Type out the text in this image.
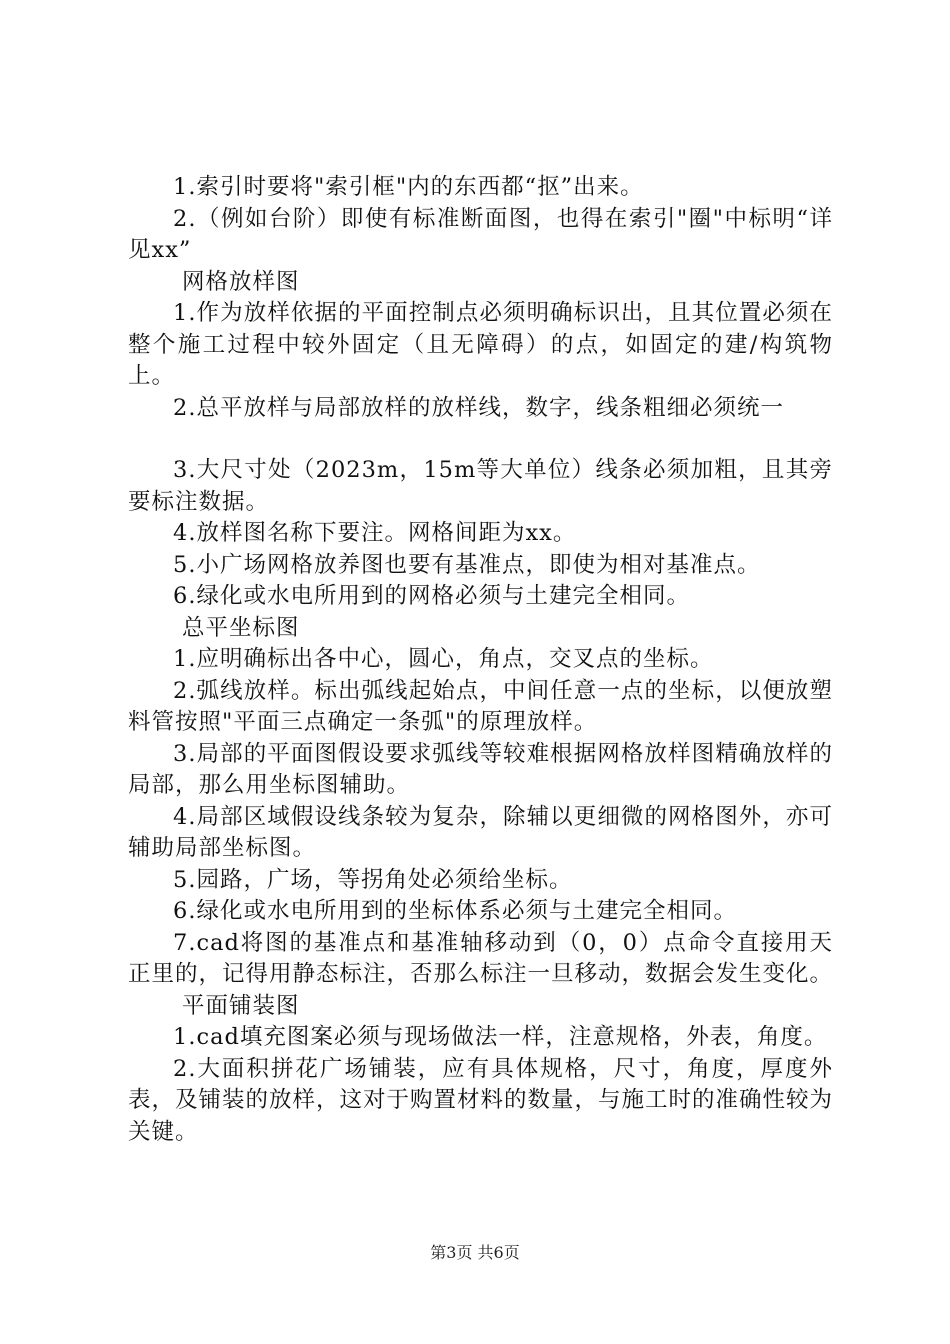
1.索引时要将"索引框"内的东西都“抠”出来。

2.（例如台阶）即使有标准断面图，也得在索引"圈"中标明“详见xx”

网格放样图

1.作为放样依据的平面控制点必须明确标识出，且其位置必须在整个施工过程中较外固定（且无障碍）的点，如固定的建/构筑物上。

2.总平放样与局部放样的放样线，数字，线条粗细必须统一

3.大尺寸处（2023m，15m等大单位）线条必须加粗，且其旁要标注数据。

4.放样图名称下要注。网格间距为xx。

5.小广场网格放养图也要有基准点，即使为相对基准点。

6.绿化或水电所用到的网格必须与土建完全相同。

总平坐标图

1.应明确标出各中心，圆心，角点，交叉点的坐标。

2.弧线放样。标出弧线起始点，中间任意一点的坐标，以便放塑料管按照"平面三点确定一条弧"的原理放样。

3.局部的平面图假设要求弧线等较难根据网格放样图精确放样的局部，那么用坐标图辅助。

4.局部区域假设线条较为复杂，除辅以更细微的网格图外，亦可辅助局部坐标图。

5.园路，广场，等拐角处必须给坐标。

6.绿化或水电所用到的坐标体系必须与土建完全相同。

7.cad将图的基准点和基准轴移动到（0，0）点命令直接用天正里的，记得用静态标注，否那么标注一旦移动，数据会发生变化。

平面铺装图

1.cad填充图案必须与现场做法一样，注意规格，外表，角度。

2.大面积拼花广场铺装，应有具体规格，尺寸，角度，厚度外表，及铺装的放样，这对于购置材料的数量，与施工时的准确性较为关键。

第3页 共6页
